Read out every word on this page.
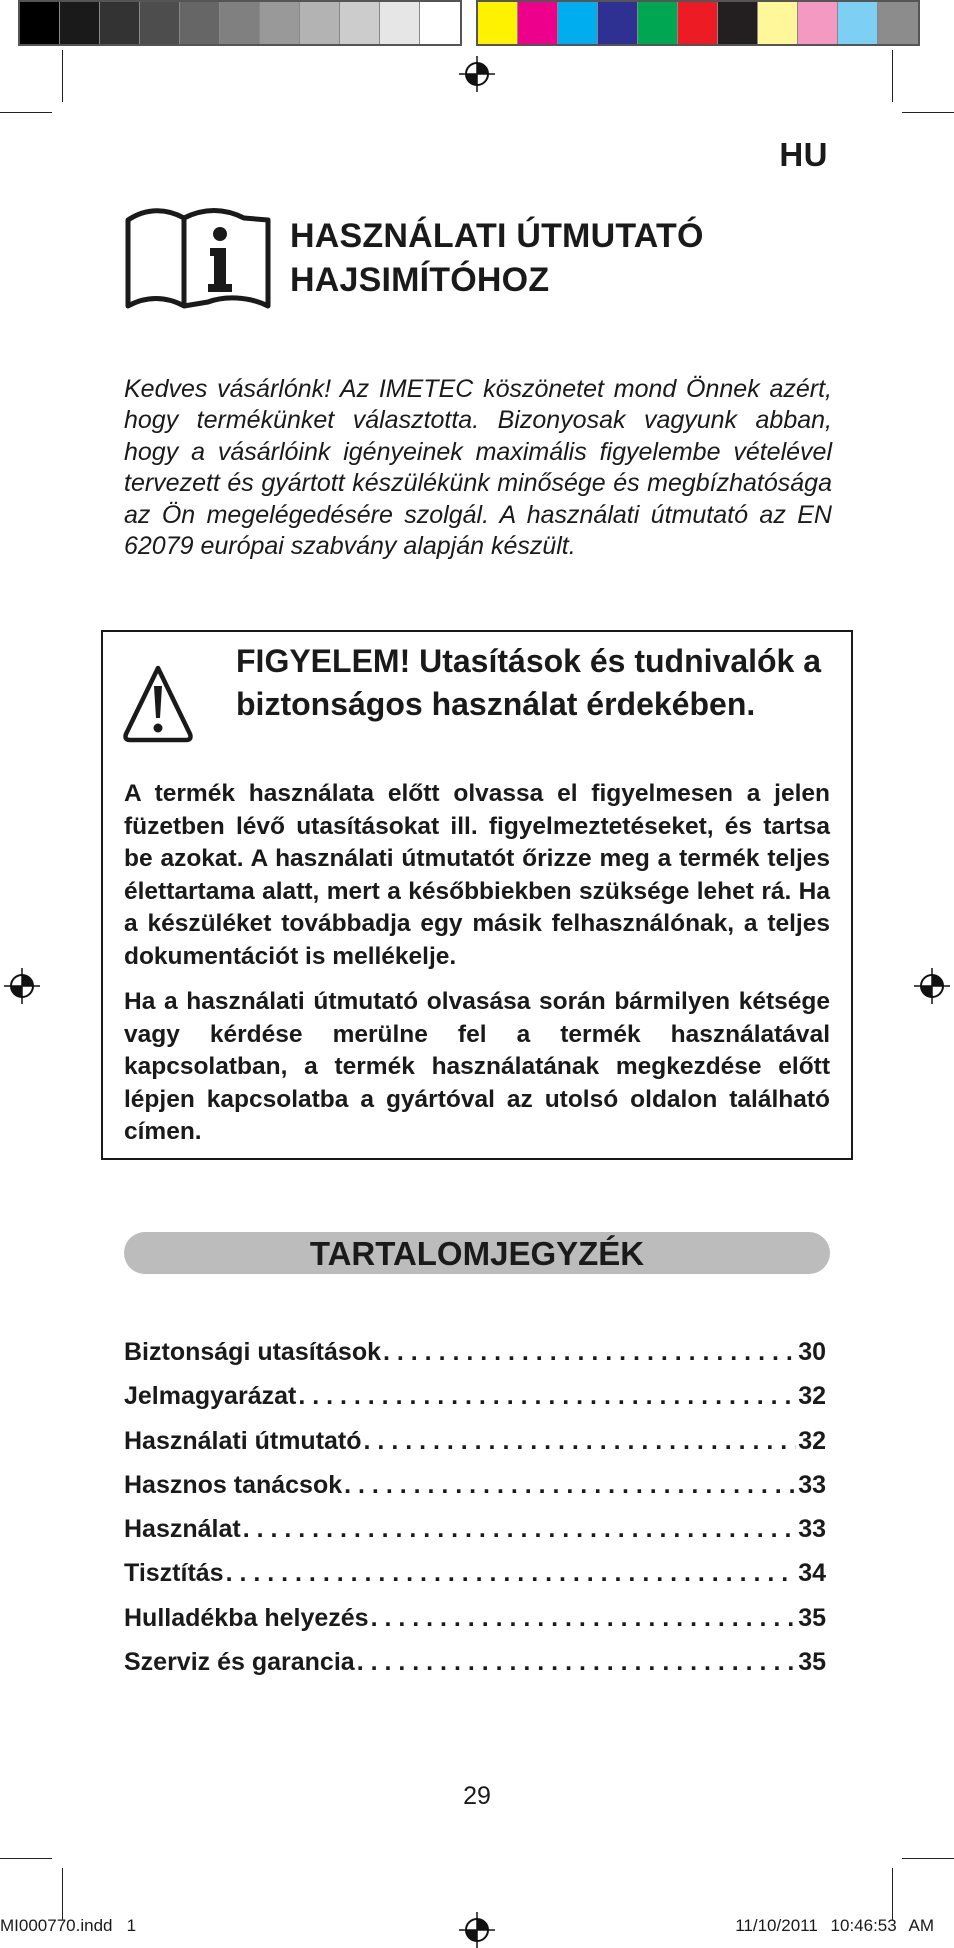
HU
HASZNÁLATI ÚTMUTATÓ
HAJSIMÍTÓHOZ
Kedves vásárlónk! Az IMETEC köszönetet mond Önnek azért, hogy termékünket választotta. Bizonyosak vagyunk abban, hogy a vásárlóink igényeinek maximális figyelembe vételével tervezett és gyártott készülékünk minősége és megbízhatósága az Ön megelégedésére szolgál. A használati útmutató az EN 62079 európai szabvány alapján készült.
FIGYELEM! Utasítások és tudnivalók a biztonságos használat érdekében.
A termék használata előtt olvassa el figyelmesen a jelen füzetben lévő utasításokat ill. figyelmeztetéseket, és tartsa be azokat. A használati útmutatót őrizze meg a termék teljes élettartama alatt, mert a későbbiekben szüksége lehet rá. Ha a készüléket továbbadja egy másik felhasználónak, a teljes dokumentációt is mellékelje.
Ha a használati útmutató olvasása során bármilyen kétsége vagy kérdése merülne fel a termék használatával kapcsolatban, a termék használatának megkezdése előtt lépjen kapcsolatba a gyártóval az utolsó oldalon található címen.
TARTALOMJEGYZÉK
Biztonsági utasítások . . .	30
Jelmagyarázat . . .	32
Használati útmutató . . .	32
Hasznos tanácsok . . .	33
Használat . . .	33
Tisztítás . . .	34
Hulladékba helyezés . . .	35
Szerviz és garancia . . .	35
29
MI000770.indd   1	11/10/2011 10:46:53 AM
